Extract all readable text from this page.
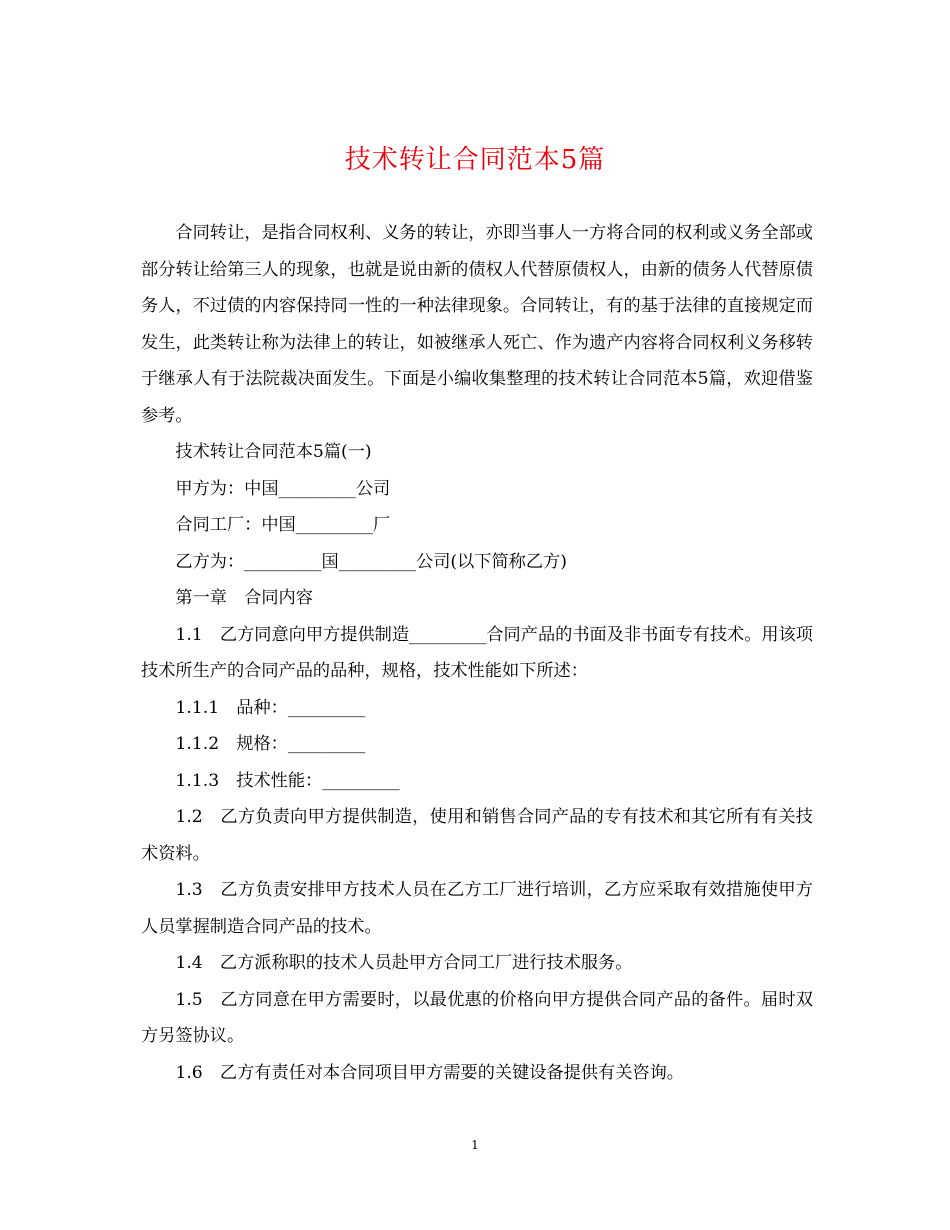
技术转让合同范本5篇

合同转让，是指合同权利、义务的转让，亦即当事人一方将合同的权利或义务全部或部分转让给第三人的现象，也就是说由新的债权人代替原债权人，由新的债务人代替原债务人，不过债的内容保持同一性的一种法律现象。合同转让，有的基于法律的直接规定而发生，此类转让称为法律上的转让，如被继承人死亡、作为遗产内容将合同权利义务移转于继承人有于法院裁决面发生。下面是小编收集整理的技术转让合同范本5篇，欢迎借鉴参考。

技术转让合同范本5篇(一)

甲方为：中国_________公司

合同工厂：中国_________厂

乙方为：_________国_________公司(以下简称乙方)

第一章　合同内容

1.1　乙方同意向甲方提供制造_________合同产品的书面及非书面专有技术。用该项技术所生产的合同产品的品种，规格，技术性能如下所述：

1.1.1　品种：_________

1.1.2　规格：_________

1.1.3　技术性能：_________

1.2　乙方负责向甲方提供制造，使用和销售合同产品的专有技术和其它所有有关技术资料。

1.3　乙方负责安排甲方技术人员在乙方工厂进行培训，乙方应采取有效措施使甲方人员掌握制造合同产品的技术。

1.4　乙方派称职的技术人员赴甲方合同工厂进行技术服务。

1.5　乙方同意在甲方需要时，以最优惠的价格向甲方提供合同产品的备件。届时双方另签协议。

1.6　乙方有责任对本合同项目甲方需要的关键设备提供有关咨询。

1
